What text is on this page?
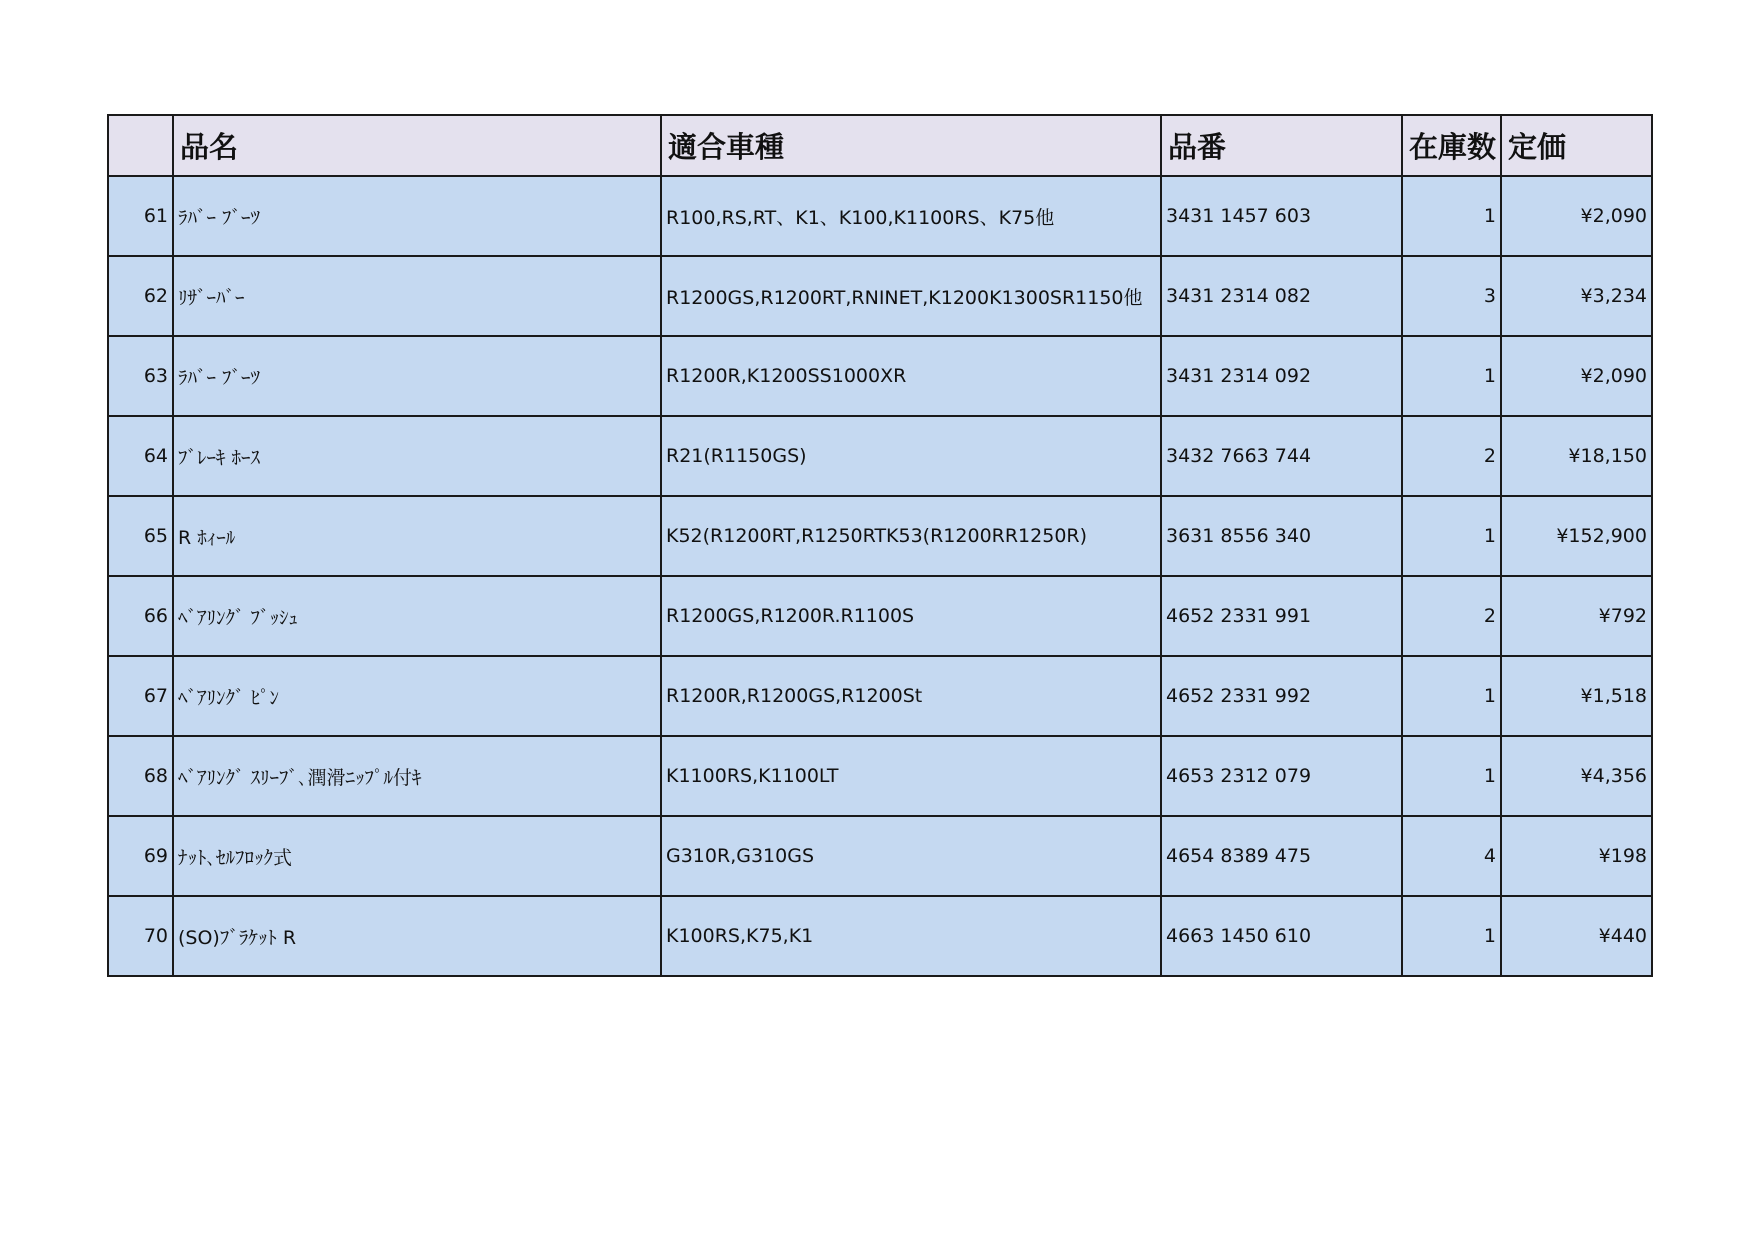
	品名	適合車種	品番	在庫数	定価
61	ﾗﾊﾞｰ ﾌﾞｰﾂ	R100,RS,RT、K1、K100,K1100RS、K75他	3431 1457 603	1	¥2,090
62	ﾘｻﾞｰﾊﾞｰ	R1200GS,R1200RT,RNINET,K1200K1300SR1150他	3431 2314 082	3	¥3,234
63	ﾗﾊﾞｰ ﾌﾞｰﾂ	R1200R,K1200SS1000XR	3431 2314 092	1	¥2,090
64	ﾌﾞﾚｰｷ ﾎｰｽ	R21(R1150GS)	3432 7663 744	2	¥18,150
65	R ﾎｨｰﾙ	K52(R1200RT,R1250RTK53(R1200RR1250R)	3631 8556 340	1	¥152,900
66	ﾍﾞｱﾘﾝｸﾞ ﾌﾞｯｼｭ	R1200GS,R1200R.R1100S	4652 2331 991	2	¥792
67	ﾍﾞｱﾘﾝｸﾞ ﾋﾟﾝ	R1200R,R1200GS,R1200St	4652 2331 992	1	¥1,518
68	ﾍﾞｱﾘﾝｸﾞ ｽﾘｰﾌﾞ､潤滑ﾆｯﾌﾟﾙ付ｷ	K1100RS,K1100LT	4653 2312 079	1	¥4,356
69	ﾅｯﾄ､ｾﾙﾌﾛｯｸ式	G310R,G310GS	4654 8389 475	4	¥198
70	(SO)ﾌﾞﾗｹｯﾄ R	K100RS,K75,K1	4663 1450 610	1	¥440
